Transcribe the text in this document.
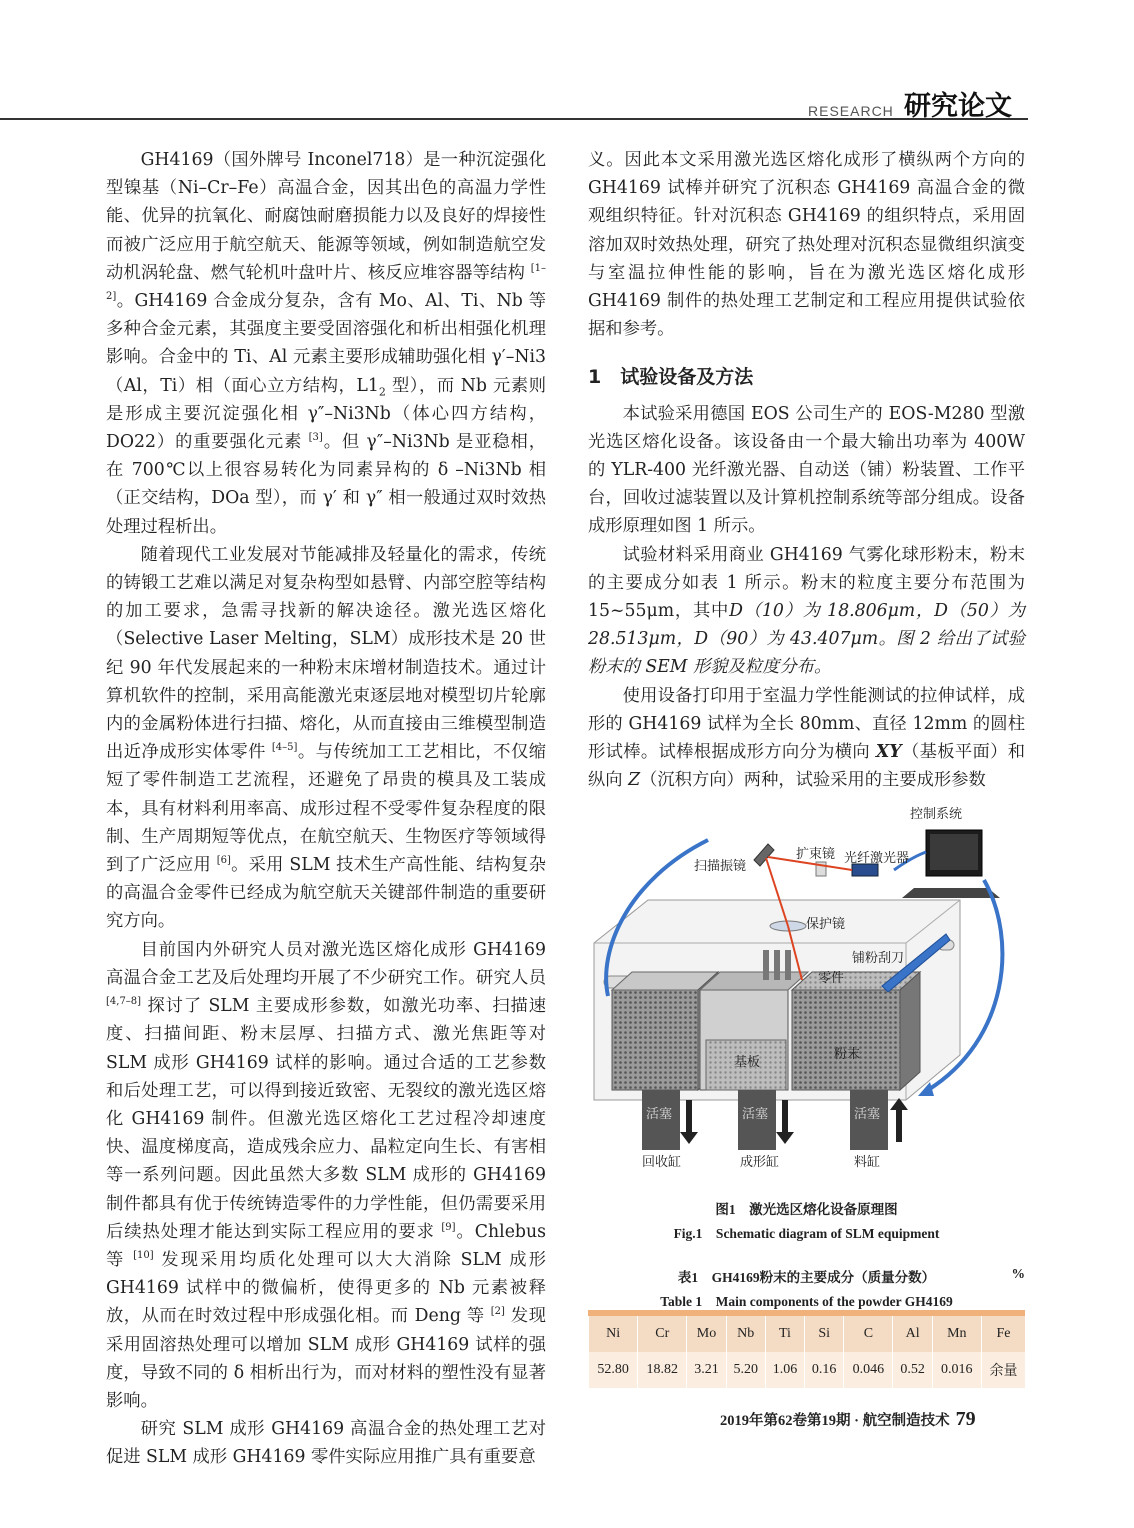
RESEARCH 研究论文

GH4169（国外牌号 Inconel718）是一种沉淀强化型镍基（Ni–Cr–Fe）高温合金，因其出色的高温力学性能、优异的抗氧化、耐腐蚀耐磨损能力以及良好的焊接性而被广泛应用于航空航天、能源等领域，例如制造航空发动机涡轮盘、燃气轮机叶盘叶片、核反应堆容器等结构 [1–2]。GH4169 合金成分复杂，含有 Mo、Al、Ti、Nb 等多种合金元素，其强度主要受固溶强化和析出相强化机理影响。合金中的 Ti、Al 元素主要形成辅助强化相 γ′–Ni3（Al，Ti）相（面心立方结构，$L1_2$ 型），而 Nb 元素则是形成主要沉淀强化相 γ″–Ni3Nb（体心四方结构，DO22）的重要强化元素 [3]。但 γ″–Ni3Nb 是亚稳相，在 700℃以上很容易转化为同素异构的 δ –Ni3Nb 相（正交结构，DOa 型），而 γ′ 和 γ″ 相一般通过双时效热处理过程析出。

随着现代工业发展对节能减排及轻量化的需求，传统的铸锻工艺难以满足对复杂构型如悬臂、内部空腔等结构的加工要求，急需寻找新的解决途径。激光选区熔化（Selective Laser Melting，SLM）成形技术是 20 世纪 90 年代发展起来的一种粉末床增材制造技术。通过计算机软件的控制，采用高能激光束逐层地对模型切片轮廓内的金属粉体进行扫描、熔化，从而直接由三维模型制造出近净成形实体零件 [4–5]。与传统加工工艺相比，不仅缩短了零件制造工艺流程，还避免了昂贵的模具及工装成本，具有材料利用率高、成形过程不受零件复杂程度的限制、生产周期短等优点，在航空航天、生物医疗等领域得到了广泛应用 [6]。采用 SLM 技术生产高性能、结构复杂的高温合金零件已经成为航空航天关键部件制造的重要研究方向。

目前国内外研究人员对激光选区熔化成形 GH4169 高温合金工艺及后处理均开展了不少研究工作。研究人员 [4,7–8] 探讨了 SLM 主要成形参数，如激光功率、扫描速度、扫描间距、粉末层厚、扫描方式、激光焦距等对 SLM 成形 GH4169 试样的影响。通过合适的工艺参数和后处理工艺，可以得到接近致密、无裂纹的激光选区熔化 GH4169 制件。但激光选区熔化工艺过程冷却速度快、温度梯度高，造成残余应力、晶粒定向生长、有害相等一系列问题。因此虽然大多数 SLM 成形的 GH4169 制件都具有优于传统铸造零件的力学性能，但仍需要采用后续热处理才能达到实际工程应用的要求 [9]。Chlebus 等 [10] 发现采用均质化处理可以大大消除 SLM 成形 GH4169 试样中的微偏析，使得更多的 Nb 元素被释放，从而在时效过程中形成强化相。而 Deng 等 [2] 发现采用固溶热处理可以增加 SLM 成形 GH4169 试样的强度，导致不同的 δ 相析出行为，而对材料的塑性没有显著影响。

研究 SLM 成形 GH4169 高温合金的热处理工艺对促进 SLM 成形 GH4169 零件实际应用推广具有重要意

义。因此本文采用激光选区熔化成形了横纵两个方向的 GH4169 试棒并研究了沉积态 GH4169 高温合金的微观组织特征。针对沉积态 GH4169 的组织特点，采用固溶加双时效热处理，研究了热处理对沉积态显微组织演变与室温拉伸性能的影响，旨在为激光选区熔化成形 GH4169 制件的热处理工艺制定和工程应用提供试验依据和参考。

1　试验设备及方法

本试验采用德国 EOS 公司生产的 EOS-M280 型激光选区熔化设备。该设备由一个最大输出功率为 400W 的 YLR-400 光纤激光器、自动送（铺）粉装置、工作平台，回收过滤装置以及计算机控制系统等部分组成。设备成形原理如图 1 所示。

试验材料采用商业 GH4169 气雾化球形粉末，粉末的主要成分如表 1 所示。粉末的粒度主要分布范围为 15~55μm，其中D（10）为 18.806μm，D（50）为 28.513μm，D（90）为 43.407μm。图 2 给出了试验粉末的 SEM 形貌及粒度分布。

使用设备打印用于室温力学性能测试的拉伸试样，成形的 GH4169 试样为全长 80mm、直径 12mm 的圆柱形试棒。试棒根据成形方向分为横向 XY（基板平面）和纵向 Z（沉积方向）两种，试验采用的主要成形参数

控制系统
扩束镜 光纤激光器
扫描振镜
保护镜
铺粉刮刀
零件
基板
粉末
活塞	活塞	活塞
回收缸	成形缸	料缸
图1　激光选区熔化设备原理图
Fig.1　Schematic diagram of SLM equipment
表1　GH4169粉末的主要成分（质量分数）	%
Table 1　Main components of the powder GH4169
Ni	Cr	Mo	Nb	Ti	Si	C	Al	Mn	Fe
52.80	18.82	3.21	5.20	1.06	0.16	0.046	0.52	0.016	余量
2019年第62卷第19期 · 航空制造技术 79
